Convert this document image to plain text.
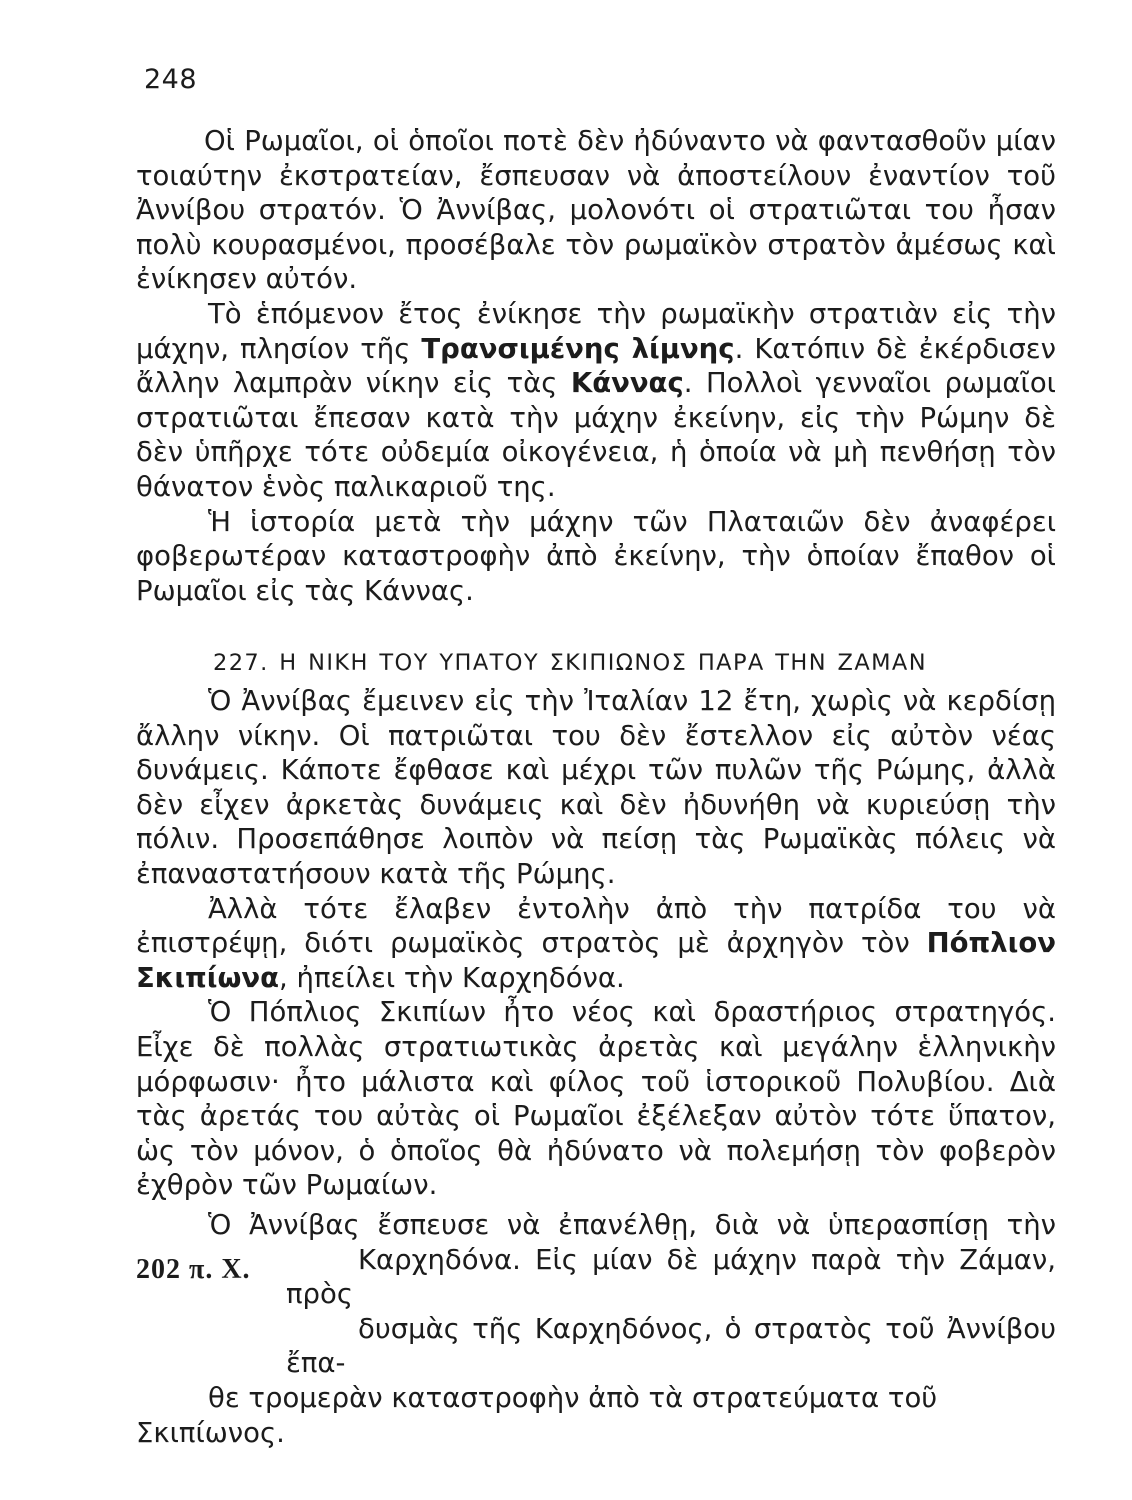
248

Οἱ Ρωμαῖοι, οἱ ὁποῖοι ποτὲ δὲν ἠδύναντο νὰ φαντασθοῦν μίαν τοιαύτην ἐκστρατείαν, ἔσπευσαν νὰ ἀποστείλουν ἐναντίον τοῦ Ἀννίβου στρατόν. Ὁ Ἀννίβας, μολονότι οἱ στρατιῶται του ἦσαν πολὺ κουρασμένοι, προσέβαλε τὸν ρωμαϊκὸν στρατὸν ἀμέσως καὶ ἐνίκησεν αὐτόν.

Τὸ ἑπόμενον ἔτος ἐνίκησε τὴν ρωμαϊκὴν στρατιὰν εἰς τὴν μάχην, πλησίον τῆς Τρανσιμένης λίμνης. Κατόπιν δὲ ἐκέρδισεν ἄλλην λαμπρὰν νίκην εἰς τὰς Κάννας. Πολλοὶ γενναῖοι ρωμαῖοι στρατιῶται ἔπεσαν κατὰ τὴν μάχην ἐκείνην, εἰς τὴν Ρώμην δὲ δὲν ὑπῆρχε τότε οὐδεμία οἰκογένεια, ἡ ὁποία νὰ μὴ πενθήσῃ τὸν θάνατον ἑνὸς παλικαριοῦ της.

Ἡ ἱστορία μετὰ τὴν μάχην τῶν Πλαταιῶν δὲν ἀναφέρει φοβερωτέραν καταστροφὴν ἀπὸ ἐκείνην, τὴν ὁποίαν ἔπαθον οἱ Ρωμαῖοι εἰς τὰς Κάννας.

227. Η ΝΙΚΗ ΤΟΥ ΥΠΑΤΟΥ ΣΚΙΠΙΩΝΟΣ ΠΑΡΑ ΤΗΝ ΖΑΜΑΝ

Ὁ Ἀννίβας ἔμεινεν εἰς τὴν Ἰταλίαν 12 ἔτη, χωρὶς νὰ κερδίσῃ ἄλλην νίκην. Οἱ πατριῶται του δὲν ἔστελλον εἰς αὐτὸν νέας δυνάμεις. Κάποτε ἔφθασε καὶ μέχρι τῶν πυλῶν τῆς Ρώμης, ἀλλὰ δὲν εἶχεν ἀρκετὰς δυνάμεις καὶ δὲν ἠδυνήθη νὰ κυριεύσῃ τὴν πόλιν. Προσεπάθησε λοιπὸν νὰ πείσῃ τὰς Ρωμαϊκὰς πόλεις νὰ ἐπαναστατήσουν κατὰ τῆς Ρώμης.

Ἀλλὰ τότε ἔλαβεν ἐντολὴν ἀπὸ τὴν πατρίδα του νὰ ἐπιστρέψῃ, διότι ρωμαϊκὸς στρατὸς μὲ ἀρχηγὸν τὸν Πόπλιον Σκιπίωνα, ἠπείλει τὴν Καρχηδόνα.

Ὁ Πόπλιος Σκιπίων ἦτο νέος καὶ δραστήριος στρατηγός. Εἶχε δὲ πολλὰς στρατιωτικὰς ἀρετὰς καὶ μεγάλην ἑλληνικὴν μόρφωσιν· ἦτο μάλιστα καὶ φίλος τοῦ ἱστορικοῦ Πολυβίου. Διὰ τὰς ἀρετάς του αὐτὰς οἱ Ρωμαῖοι ἐξέλεξαν αὐτὸν τότε ὕπατον, ὡς τὸν μόνον, ὁ ὁποῖος θὰ ἠδύνατο νὰ πολεμήσῃ τὸν φοβερὸν ἐχθρὸν τῶν Ρωμαίων.

202 π. Χ.

Ὁ Ἀννίβας ἔσπευσε νὰ ἐπανέλθῃ, διὰ νὰ ὑπερασπίσῃ τὴν

Καρχηδόνα. Εἰς μίαν δὲ μάχην παρὰ τὴν Ζάμαν, πρὸς

δυσμὰς τῆς Καρχηδόνος, ὁ στρατὸς τοῦ Ἀννίβου ἔπα-

θε τρομερὰν καταστροφὴν ἀπὸ τὰ στρατεύματα τοῦ Σκιπίωνος.
